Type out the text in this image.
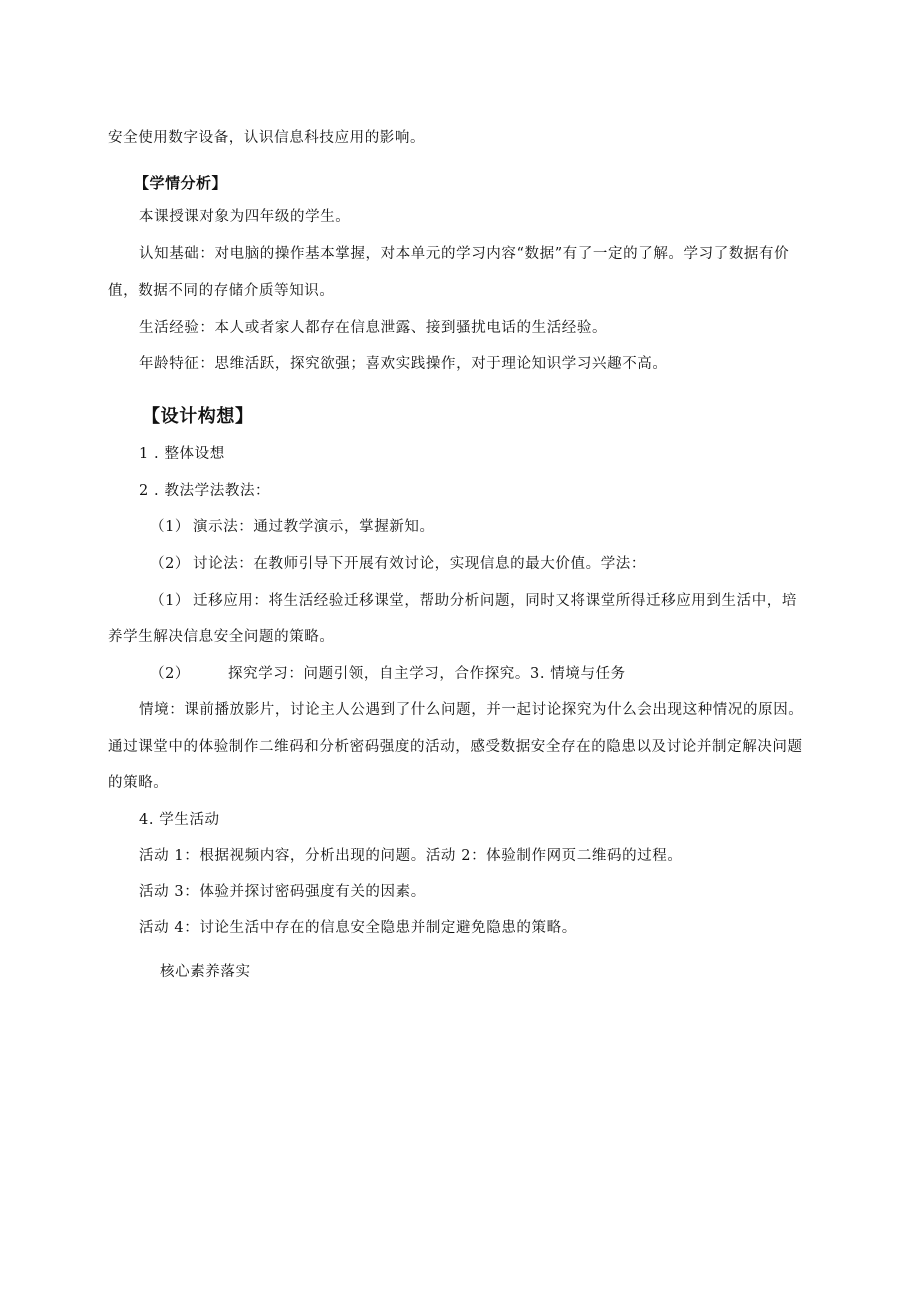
安全使用数字设备，认识信息科技应用的影响。
【学情分析】
本课授课对象为四年级的学生。
认知基础：对电脑的操作基本掌握，对本单元的学习内容“数据”有了一定的了解。学习了数据有价
值，数据不同的存储介质等知识。
生活经验：本人或者家人都存在信息泄露、接到骚扰电话的生活经验。
年龄特征：思维活跃，探究欲强；喜欢实践操作，对于理论知识学习兴趣不高。
【设计构想】
1 . 整体设想
2 . 教法学法教法：
（1） 演示法：通过教学演示，掌握新知。
（2） 讨论法：在教师引导下开展有效讨论，实现信息的最大价值。学法：
（1） 迁移应用：将生活经验迁移课堂，帮助分析问题，同时又将课堂所得迁移应用到生活中，培
养学生解决信息安全问题的策略。
（2）	探究学习：问题引领，自主学习，合作探究。3. 情境与任务
情境：课前播放影片，讨论主人公遇到了什么问题，并一起讨论探究为什么会出现这种情况的原因。
通过课堂中的体验制作二维码和分析密码强度的活动，感受数据安全存在的隐患以及讨论并制定解决问题
的策略。
4. 学生活动
活动 1：根据视频内容，分析出现的问题。活动 2：体验制作网页二维码的过程。
活动 3：体验并探讨密码强度有关的因素。
活动 4：讨论生活中存在的信息安全隐患并制定避免隐患的策略。
核心素养落实
